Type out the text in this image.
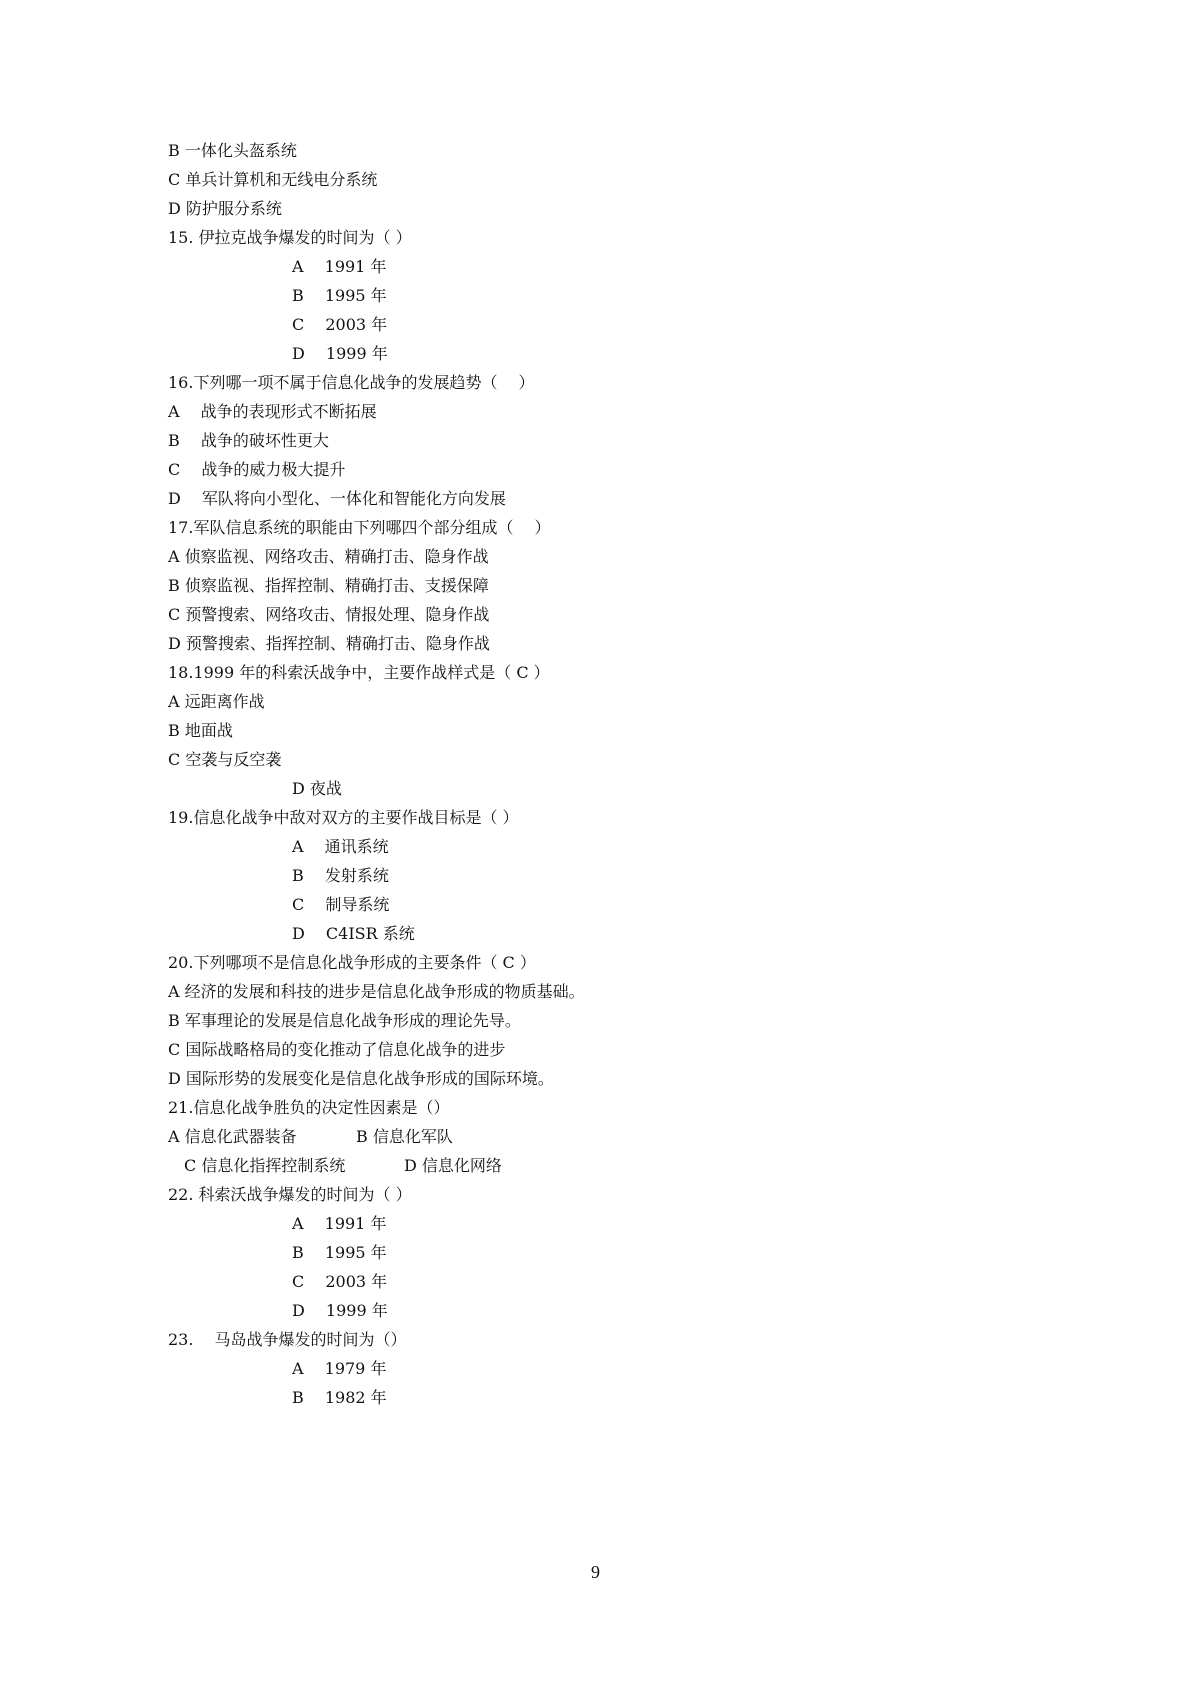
B 一体化头盔系统
C 单兵计算机和无线电分系统
D 防护服分系统
15. 伊拉克战争爆发的时间为（ ）
A　 1991 年
B　 1995 年
C　 2003 年
D　 1999 年
16.下列哪一项不属于信息化战争的发展趋势（　 ）
A　 战争的表现形式不断拓展
B　 战争的破坏性更大
C　 战争的威力极大提升
D　 军队将向小型化、一体化和智能化方向发展
17.军队信息系统的职能由下列哪四个部分组成（　 ）
A 侦察监视、网络攻击、精确打击、隐身作战
B 侦察监视、指挥控制、精确打击、支援保障
C 预警搜索、网络攻击、情报处理、隐身作战
D 预警搜索、指挥控制、精确打击、隐身作战
18.1999 年的科索沃战争中，主要作战样式是（ C ）
A 远距离作战
B 地面战
C 空袭与反空袭
D 夜战
19.信息化战争中敌对双方的主要作战目标是（ ）
A　 通讯系统
B　 发射系统
C　 制导系统
D　 C4ISR 系统
20.下列哪项不是信息化战争形成的主要条件（ C ）
A 经济的发展和科技的进步是信息化战争形成的物质基础。
B 军事理论的发展是信息化战争形成的理论先导。
C 国际战略格局的变化推动了信息化战争的进步
D 国际形势的发展变化是信息化战争形成的国际环境。
21.信息化战争胜负的决定性因素是（）
A 信息化武器装备	B 信息化军队
C 信息化指挥控制系统	D 信息化网络
22. 科索沃战争爆发的时间为（ ）
A　 1991 年
B　 1995 年
C　 2003 年
D　 1999 年
23.　 马岛战争爆发的时间为（）
A　 1979 年
B　 1982 年
9
